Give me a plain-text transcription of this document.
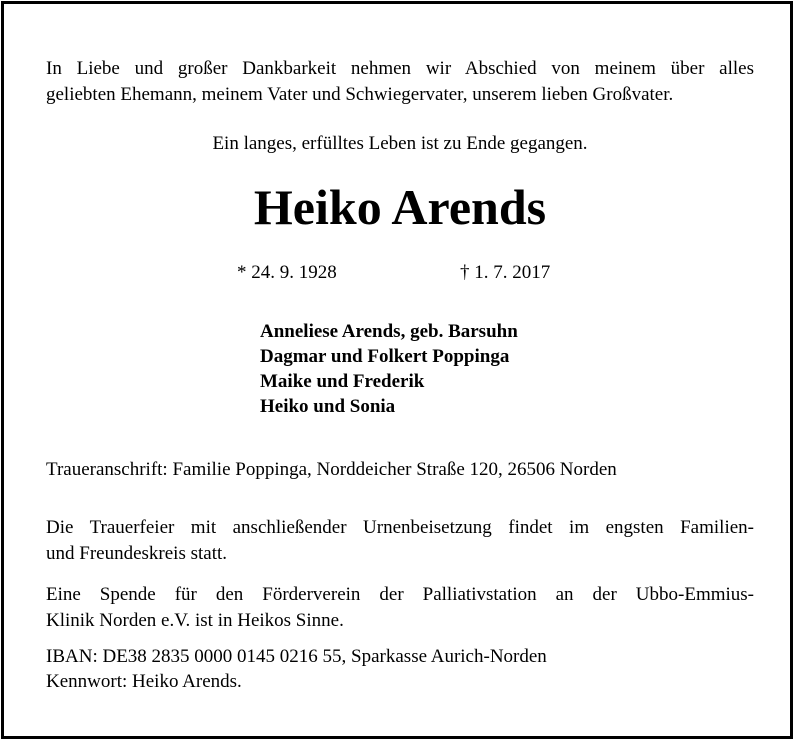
In Liebe und großer Dankbarkeit nehmen wir Abschied von meinem über alles
geliebten Ehemann, meinem Vater und Schwiegervater, unserem lieben Großvater.

Ein langes, erfülltes Leben ist zu Ende gegangen.
Heiko Arends
* 24. 9. 1928	† 1. 7. 2017
Anneliese Arends, geb. Barsuhn
Dagmar und Folkert Poppinga
Maike und Frederik
Heiko und Sonia
Traueranschrift: Familie Poppinga, Norddeicher Straße 120, 26506 Norden

Die Trauerfeier mit anschließender Urnenbeisetzung findet im engsten Familien-
und Freundeskreis statt.

Eine Spende für den Förderverein der Palliativstation an der Ubbo-Emmius-
Klinik Norden e.V. ist in Heikos Sinne.

IBAN: DE38 2835 0000 0145 0216 55, Sparkasse Aurich-Norden
Kennwort: Heiko Arends.
